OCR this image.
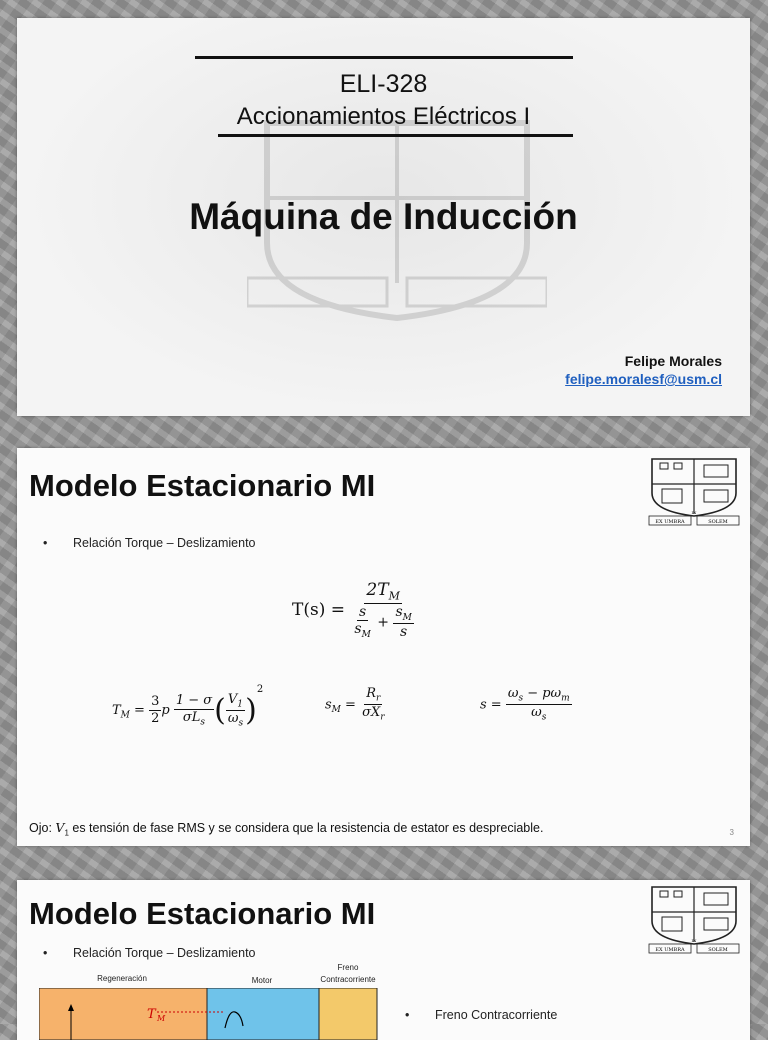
ELI-328
Accionamientos Eléctricos I
Máquina de Inducción
Felipe Morales
felipe.moralesf@usm.cl
Modelo Estacionario MI
EX UMBRA
IN
SOLEM
• Relación Torque – Deslizamiento
$T(s) = \frac{2T_M}{\frac{s}{s_M} + \frac{s_M}{s}}$
$T_M = \frac{3}{2}$ p $\frac{1 - \sigma}{\sigma L_s}$ ( $\frac{V_1}{\omega_s} )^2$
$s_M = \frac{R_r}{\sigma X_r}$	$s = \frac{\omega_s - p\omega_m}{\omega_s}$
Ojo: $V_1$ es tensión de fase RMS y se considera que la resistencia de estator es despreciable.	3
Modelo Estacionario MI
EX UMBRA
IN
SOLEM
• Relación Torque – Deslizamiento
Regeneración	Motor
Freno Contracorriente
T M	• Freno Contracorriente
